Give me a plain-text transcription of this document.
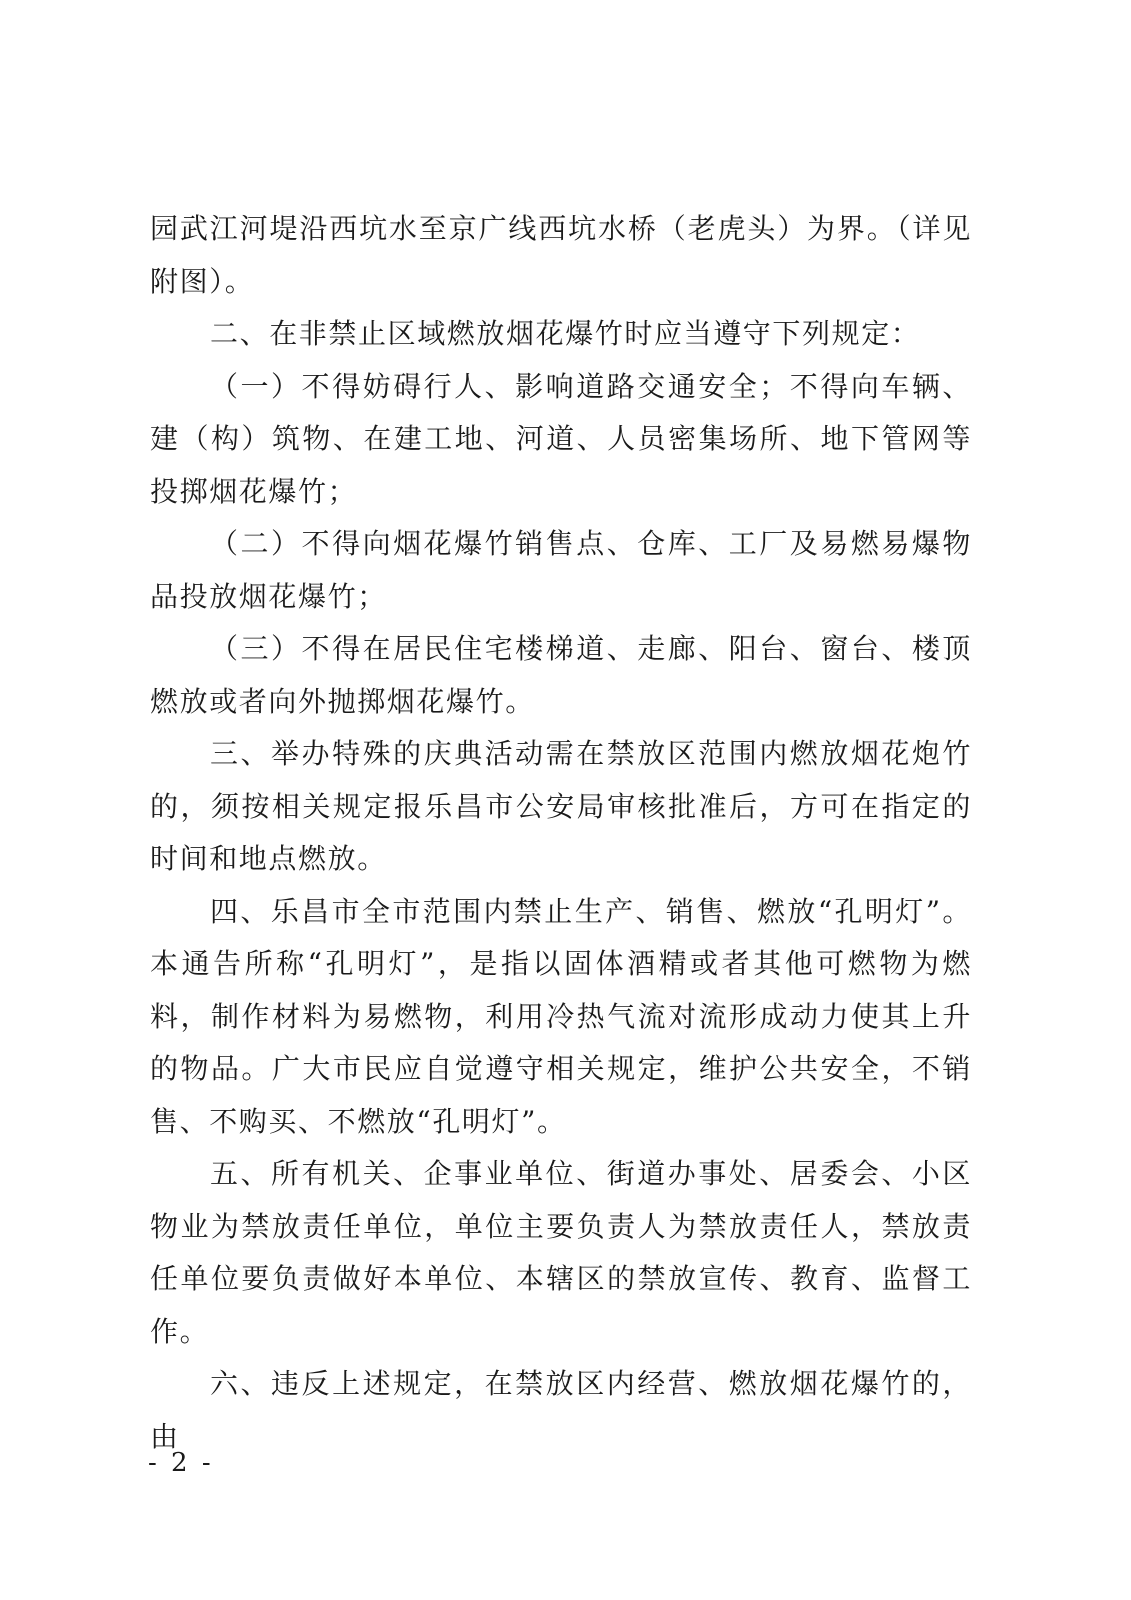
园武江河堤沿西坑水至京广线西坑水桥（老虎头）为界。（详见附图）。

二、在非禁止区域燃放烟花爆竹时应当遵守下列规定：

（一）不得妨碍行人、影响道路交通安全；不得向车辆、建（构）筑物、在建工地、河道、人员密集场所、地下管网等投掷烟花爆竹；

（二）不得向烟花爆竹销售点、仓库、工厂及易燃易爆物品投放烟花爆竹；

（三）不得在居民住宅楼梯道、走廊、阳台、窗台、楼顶燃放或者向外抛掷烟花爆竹。

三、举办特殊的庆典活动需在禁放区范围内燃放烟花炮竹的，须按相关规定报乐昌市公安局审核批准后，方可在指定的时间和地点燃放。

四、乐昌市全市范围内禁止生产、销售、燃放“孔明灯”。本通告所称“孔明灯”，是指以固体酒精或者其他可燃物为燃料，制作材料为易燃物，利用冷热气流对流形成动力使其上升的物品。广大市民应自觉遵守相关规定，维护公共安全，不销售、不购买、不燃放“孔明灯”。

五、所有机关、企事业单位、街道办事处、居委会、小区物业为禁放责任单位，单位主要负责人为禁放责任人，禁放责任单位要负责做好本单位、本辖区的禁放宣传、教育、监督工作。

六、违反上述规定，在禁放区内经营、燃放烟花爆竹的，由

- 2 -
